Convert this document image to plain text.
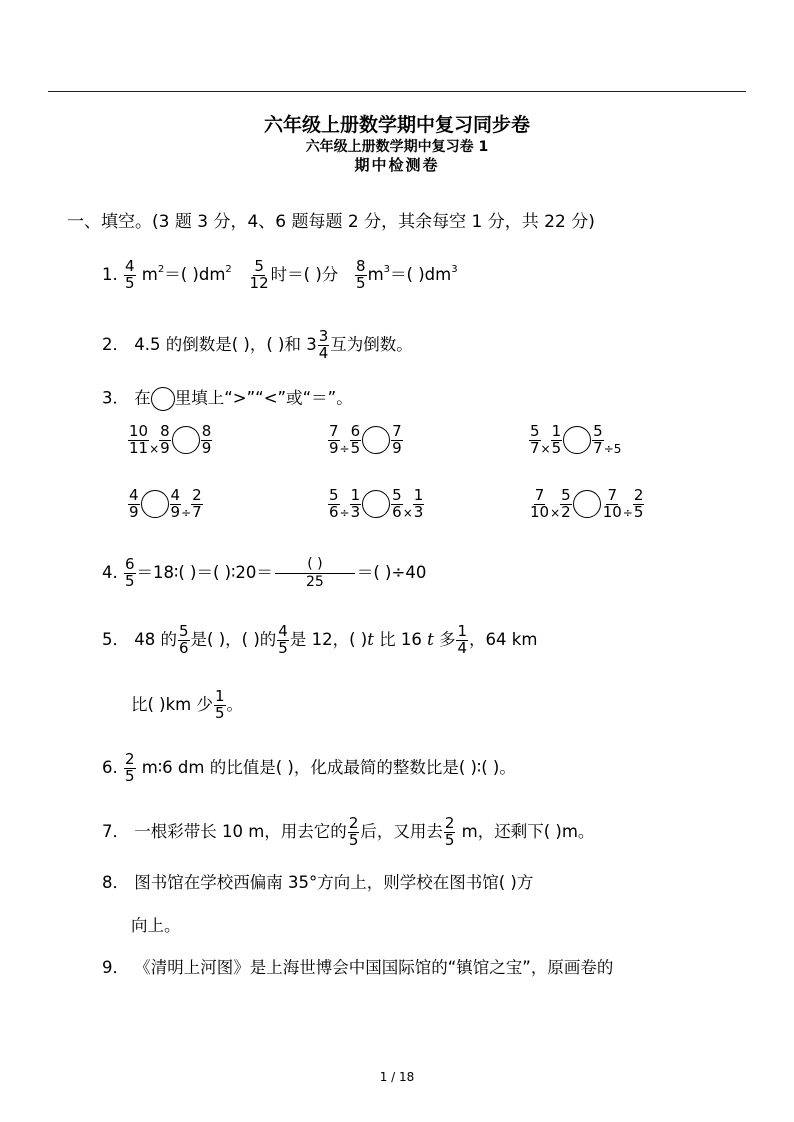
六年级上册数学期中复习同步卷
六年级上册数学期中复习卷 1
期中检测卷
一、填空。(3 题 3 分，4、6 题每题 2 分，其余每空 1 分，共 22 分)
1. $\frac{4}{5} m^2=$( )$dm^2 \frac{5}{12}$ 时＝( )分 $\frac{8}{5} m^3=$( )$dm^3$
2． 4.5 的倒数是( )，( )和 $3 \frac{3}{4}$ 互为倒数。
3． 在 里填上“>”“<”或“＝”。
$\frac{10}{11} _\times \frac{8}{9} \frac{8}{9}$	$\frac{7}{9} _\div \frac{6}{5} \frac{7}{9}$	$\frac{5}{7} _\times \frac{1}{5} \frac{5}{7} _{\div 5}$
$\frac{4}{9} \frac{4}{9} _\div \frac{2}{7}$	$\frac{5}{6} _\div \frac{1}{3} \frac{5}{6} _\times \frac{1}{3}$	$\frac{7}{10} _\times \frac{5}{2} \frac{7}{10} _\div \frac{2}{5}$
4. $\frac{6}{5}$ ＝18∶( )＝( )∶20＝	( )
25	＝( )÷40
5． 48 的 $\frac{5}{6}$ 是( )，( )的 $\frac{4}{5}$ 是 12，( )t 比 16 t 多 $\frac{1}{4}$ ，64 km
比( )km 少 $\frac{1}{5}$ 。
6. $\frac{2}{5}$ m∶6 dm 的比值是( )，化成最简的整数比是( )∶( )。
7． 一根彩带长 10 m，用去它的 $\frac{2}{5}$ 后，又用去 $\frac{2}{5}$ m，还剩下( )m。
8． 图书馆在学校西偏南 35°方向上，则学校在图书馆( )方
向上。
9． 《清明上河图》是上海世博会中国国际馆的“镇馆之宝”，原画卷的
1 / 18
